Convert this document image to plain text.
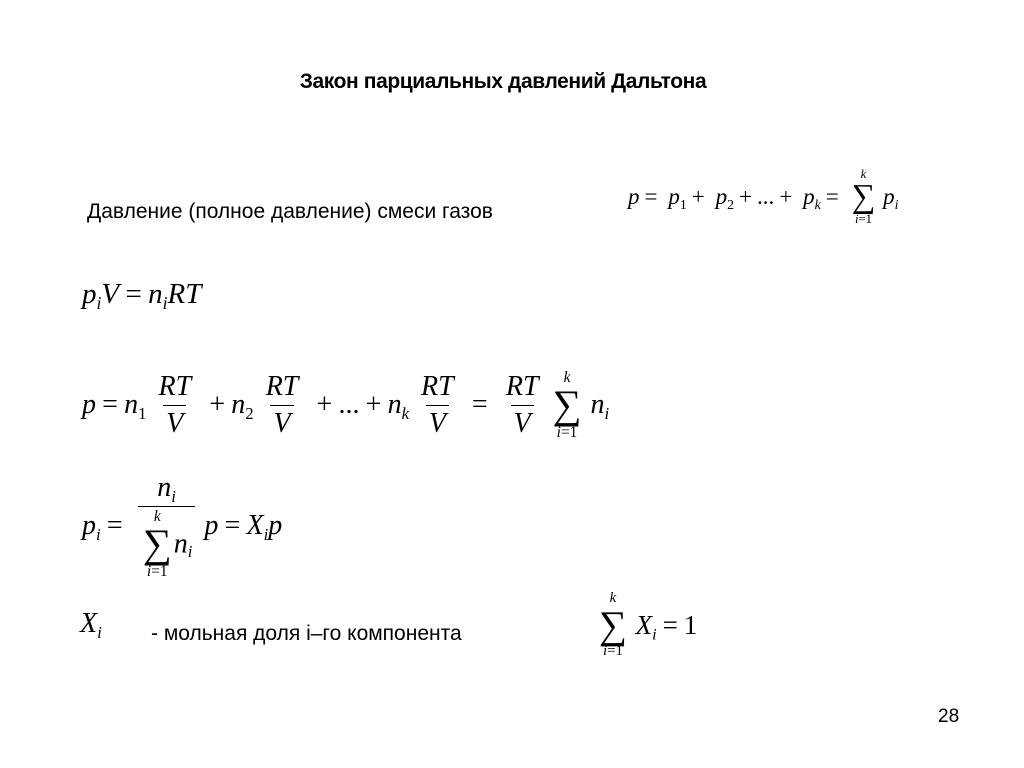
Закон парциальных давлений Дальтона
Давление (полное давление) смеси газов
$p = p_1 + p_2$ + ... + $p_k$ =
k
∑
i=1
$p_i$
$p_iV = n_iRT$
$p = n_1 \frac{RT}{V} + n_2 \frac{RT}{V}$ + ... + $n_k \frac{RT}{V} = \frac{RT}{V}$
k
∑
i=1
$n_i$
$p_i = n_i$
k
∑
i=1
$n_i$ $p = X_ip$
$X_i$ - мольная доля i–го компонента
k
∑
i=1
$X_i = 1$
28
